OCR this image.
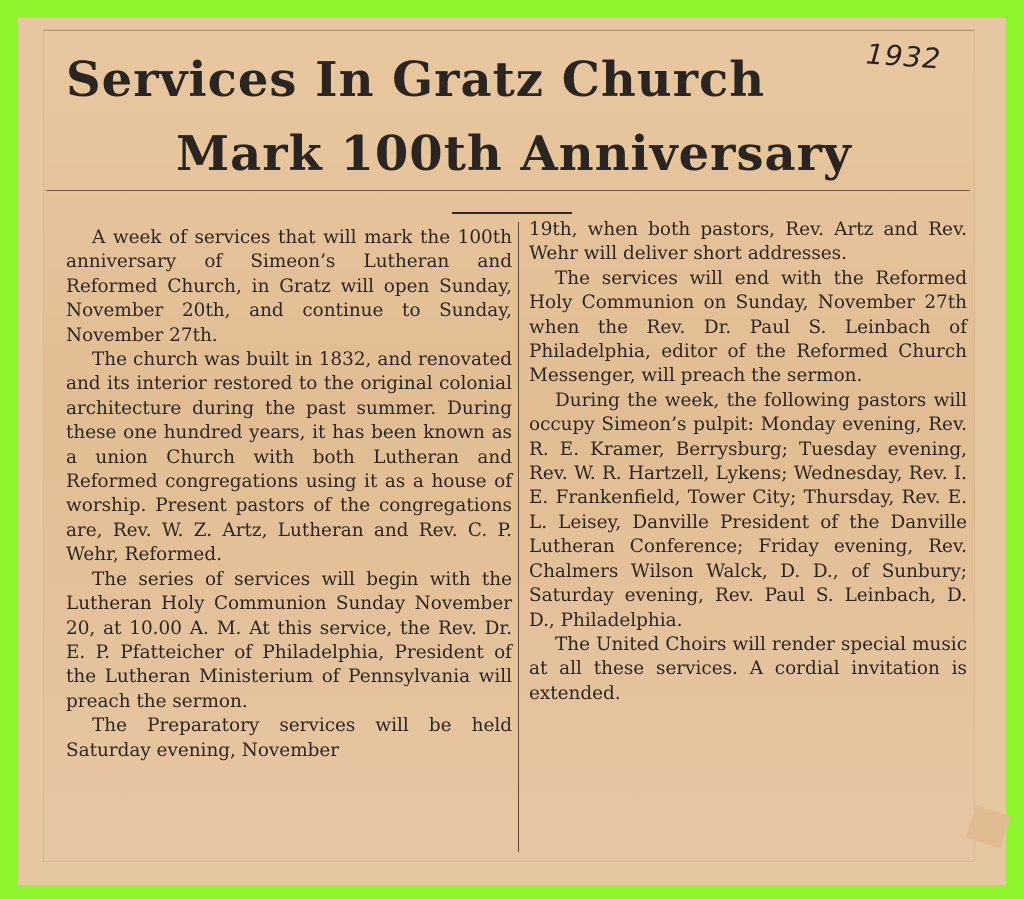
1932
Services In Gratz Church
Mark 100th Anniversary

A week of services that will mark the 100th anniversary of Simeon’s Lutheran and Reformed Church, in Gratz will open Sunday, November 20th, and continue to Sunday, November 27th.

The church was built in 1832, and renovated and its interior restored to the original colonial architecture during the past summer. During these one hundred years, it has been known as a union Church with both Lutheran and Reformed congregations using it as a house of worship. Present pastors of the congregations are, Rev. W. Z. Artz, Lutheran and Rev. C. P. Wehr, Reformed.

The series of services will begin with the Lutheran Holy Communion Sunday November 20, at 10.00 A. M. At this service, the Rev. Dr. E. P. Pfatteicher of Philadelphia, President of the Lutheran Ministerium of Pennsylvania will preach the sermon.

The Preparatory services will be held Saturday evening, November

19th, when both pastors, Rev. Artz and Rev. Wehr will deliver short addresses.

The services will end with the Reformed Holy Communion on Sunday, November 27th when the Rev. Dr. Paul S. Leinbach of Philadelphia, editor of the Reformed Church Messenger, will preach the sermon.

During the week, the following pastors will occupy Simeon’s pulpit: Monday evening, Rev. R. E. Kramer, Berrysburg; Tuesday evening, Rev. W. R. Hartzell, Lykens; Wednesday, Rev. I. E. Frankenfield, Tower City; Thursday, Rev. E. L. Leisey, Danville President of the Danville Lutheran Conference; Friday evening, Rev. Chalmers Wilson Walck, D. D., of Sunbury; Saturday evening, Rev. Paul S. Leinbach, D. D., Philadelphia.

The United Choirs will render special music at all these services. A cordial invitation is extended.
